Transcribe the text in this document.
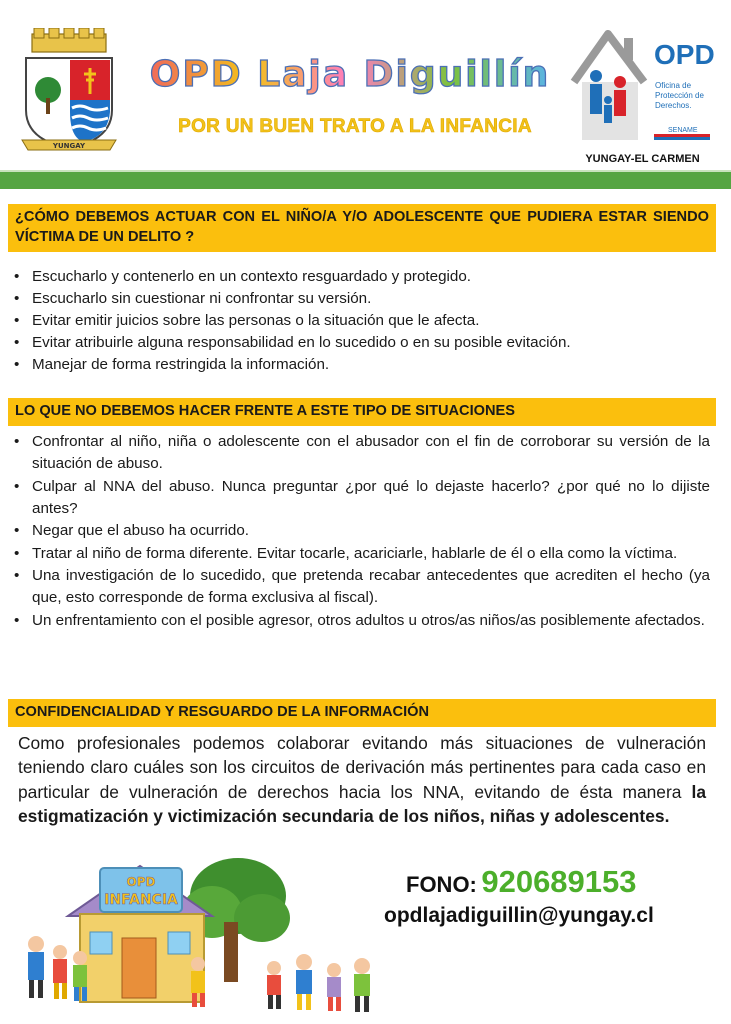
YUNGAY
OPD Laja Diguillín
POR UN BUEN TRATO A LA INFANCIA
OPD
Oficina de
Protección de
Derechos.
SENAME
YUNGAY-EL CARMEN
¿CÓMO DEBEMOS ACTUAR CON EL NIÑO/A Y/O ADOLESCENTE QUE PUDIERA ESTAR SIENDO VÍCTIMA DE UN DELITO ?
• Escucharlo y contenerlo en un contexto resguardado y protegido.
• Escucharlo sin cuestionar ni confrontar su versión.
• Evitar emitir juicios sobre las personas o la situación que le afecta.
• Evitar atribuirle alguna responsabilidad en lo sucedido o en su posible evitación.
• Manejar de forma restringida la información.
LO QUE NO DEBEMOS HACER FRENTE A ESTE TIPO DE SITUACIONES
• Confrontar al niño, niña o adolescente con el abusador con el fin de corroborar su versión de la situación de abuso.
• Culpar al NNA del abuso. Nunca preguntar ¿por qué lo dejaste hacerlo? ¿por qué no lo dijiste antes?
• Negar que el abuso ha ocurrido.
• Tratar al niño de forma diferente. Evitar tocarle, acariciarle, hablarle de él o ella como la víctima.
• Una investigación de lo sucedido, que pretenda recabar antecedentes que acrediten el hecho (ya que, esto corresponde de forma exclusiva al fiscal).
• Un enfrentamiento con el posible agresor, otros adultos u otros/as niños/as posiblemente afectados.
CONFIDENCIALIDAD Y RESGUARDO DE LA INFORMACIÓN
Como profesionales podemos colaborar evitando más situaciones de vulneración teniendo claro cuáles son los circuitos de derivación más pertinentes para cada caso en particular de vulneración de derechos hacia los NNA, evitando de ésta manera la estigmatización y victimización secundaria de los niños, niñas y adolescentes.
OPD
INFANCIA
FONO: 920689153
opdlajadiguillin@yungay.cl
